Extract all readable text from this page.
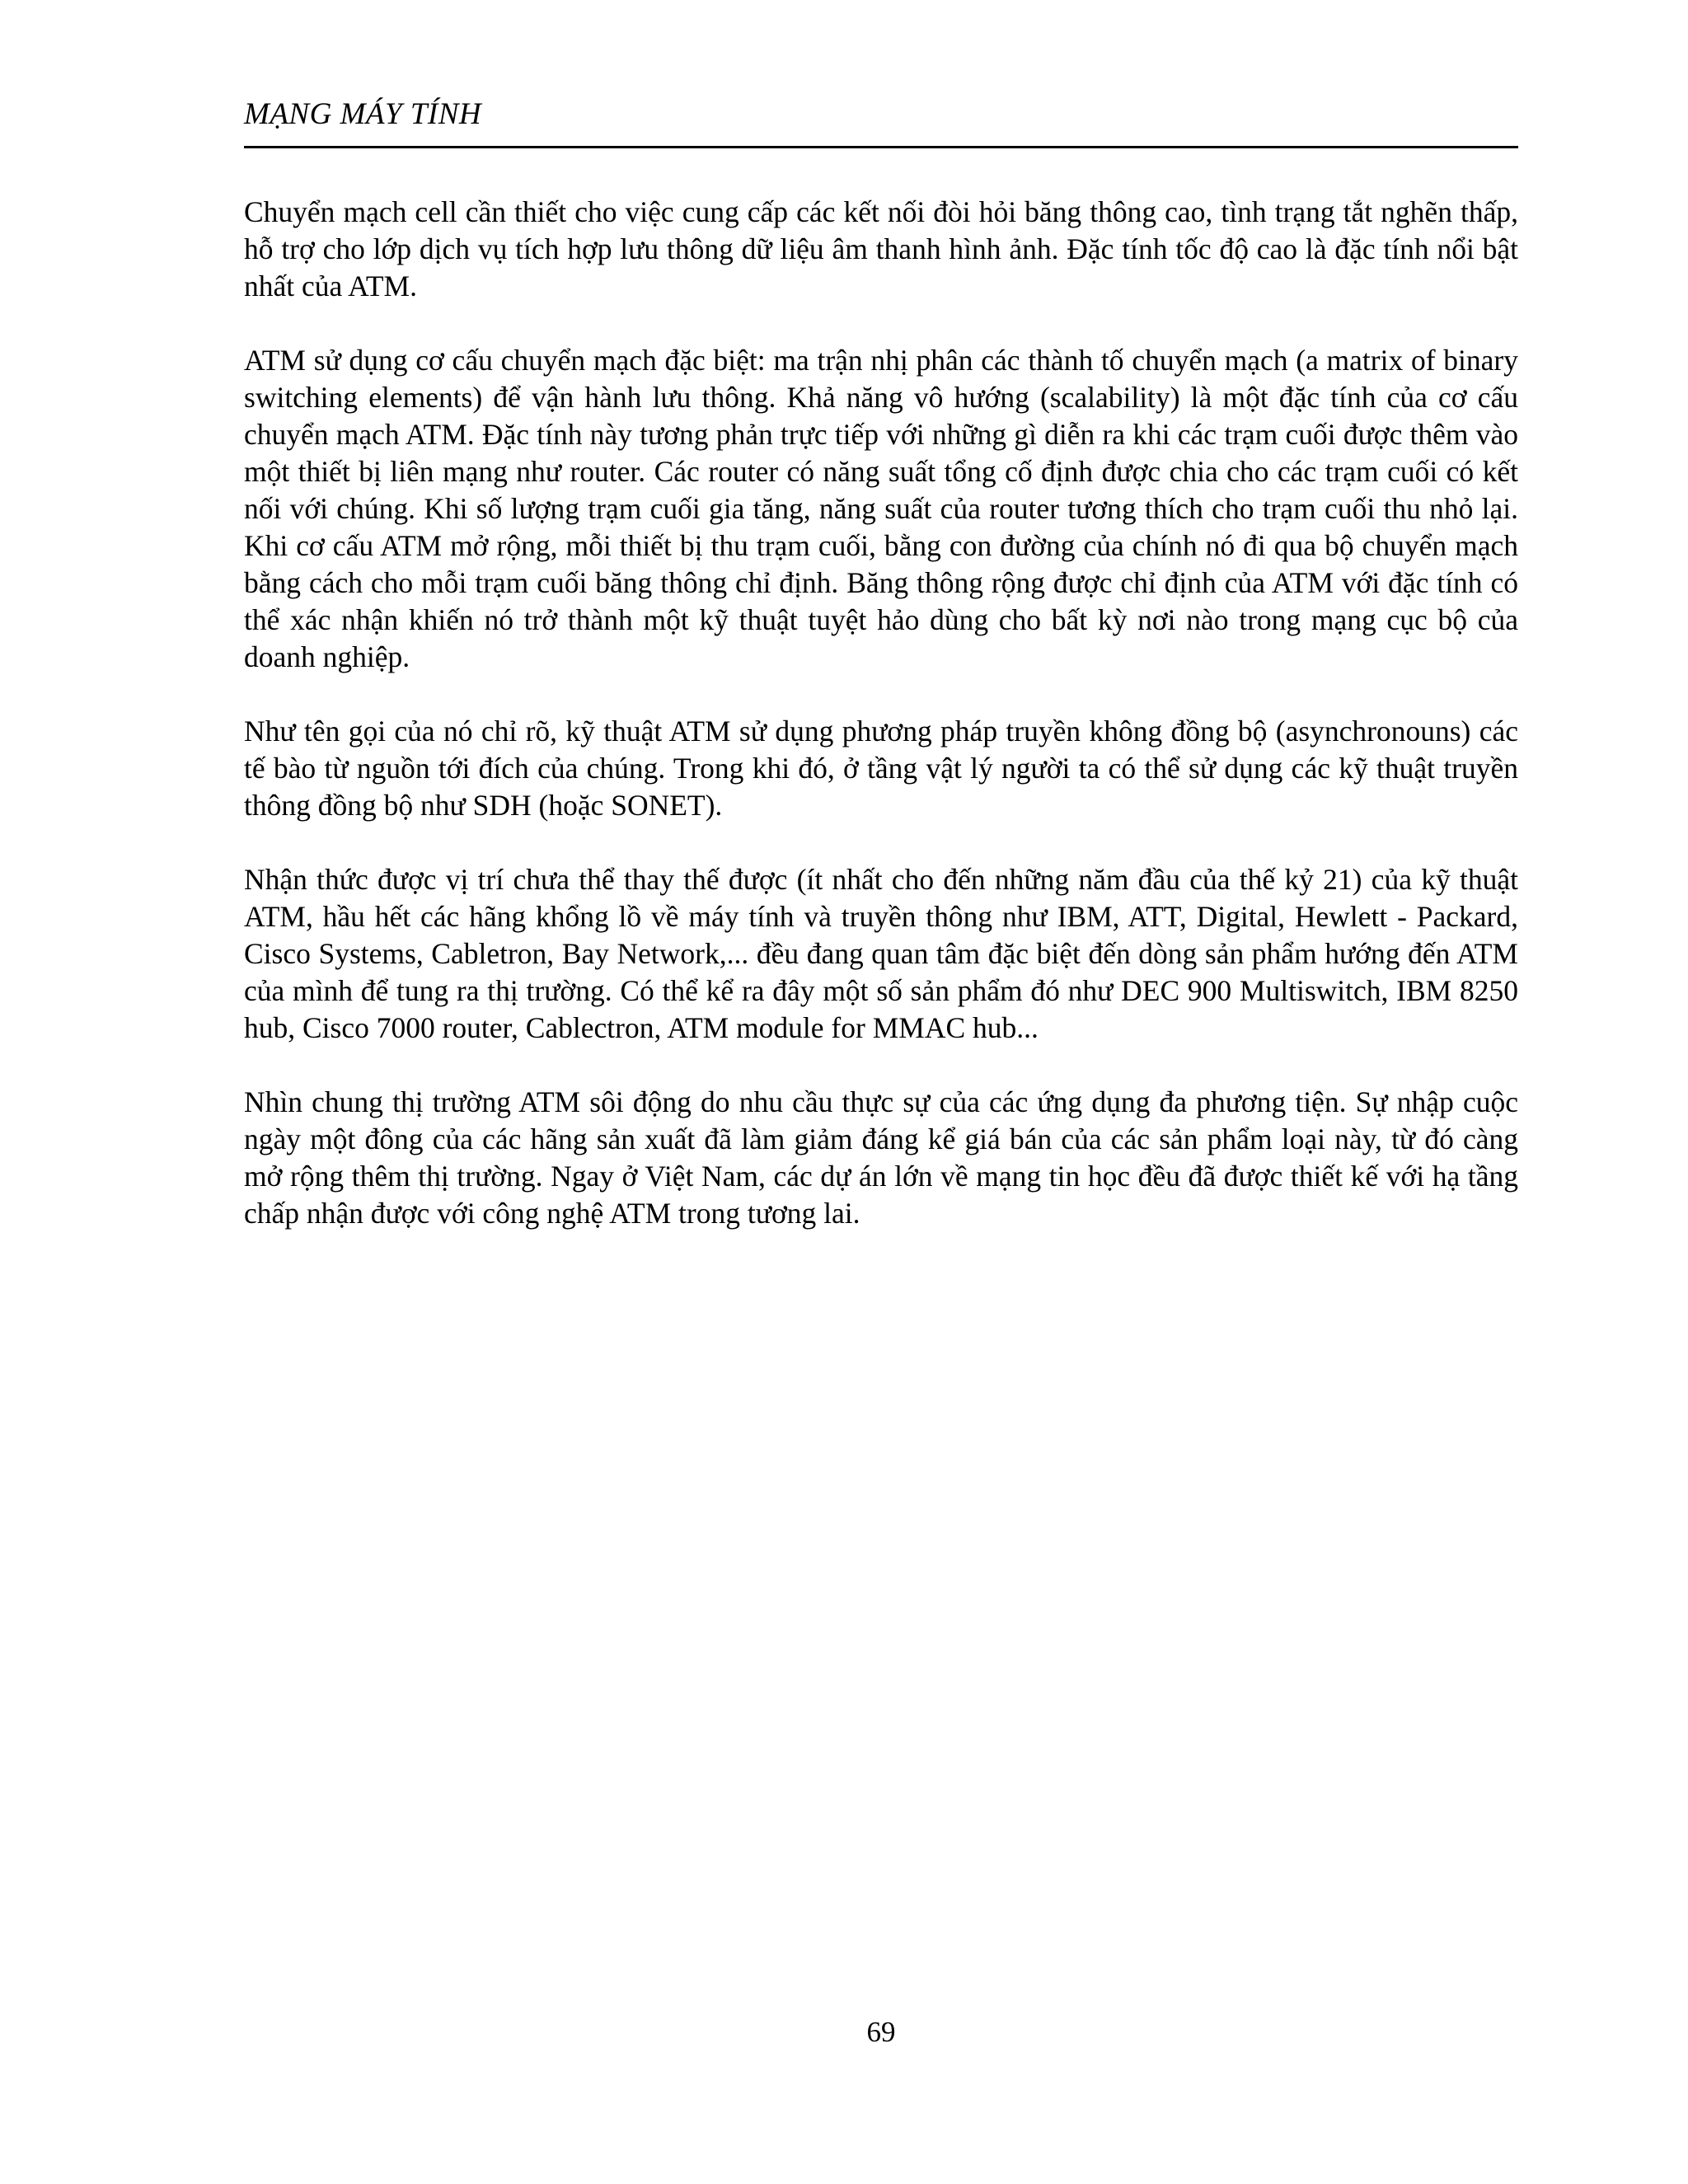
MẠNG MÁY TÍNH

Chuyển mạch cell cần thiết cho việc cung cấp các kết nối đòi hỏi băng thông cao, tình trạng tắt nghẽn thấp, hỗ trợ cho lớp dịch vụ tích hợp lưu thông dữ liệu âm thanh hình ảnh. Đặc tính tốc độ cao là đặc tính nổi bật nhất của ATM.

ATM sử dụng cơ cấu chuyển mạch đặc biệt: ma trận nhị phân các thành tố chuyển mạch (a matrix of binary switching elements) để vận hành lưu thông. Khả năng vô hướng (scalability) là một đặc tính của cơ cấu chuyển mạch ATM. Đặc tính này tương phản trực tiếp với những gì diễn ra khi các trạm cuối được thêm vào một thiết bị liên mạng như router. Các router có năng suất tổng cố định được chia cho các trạm cuối có kết nối với chúng. Khi số lượng trạm cuối gia tăng, năng suất của router tương thích cho trạm cuối thu nhỏ lại. Khi cơ cấu ATM mở rộng, mỗi thiết bị thu trạm cuối, bằng con đường của chính nó đi qua bộ chuyển mạch bằng cách cho mỗi trạm cuối băng thông chỉ định. Băng thông rộng được chỉ định của ATM với đặc tính có thể xác nhận khiến nó trở thành một kỹ thuật tuyệt hảo dùng cho bất kỳ nơi nào trong mạng cục bộ của doanh nghiệp.

Như tên gọi của nó chỉ rõ, kỹ thuật ATM sử dụng phương pháp truyền không đồng bộ (asynchronouns) các tế bào từ nguồn tới đích của chúng. Trong khi đó, ở tầng vật lý người ta có thể sử dụng các kỹ thuật truyền thông đồng bộ như SDH (hoặc SONET).

Nhận thức được vị trí chưa thể thay thế được (ít nhất cho đến những năm đầu của thế kỷ 21) của kỹ thuật ATM, hầu hết các hãng khổng lồ về máy tính và truyền thông như IBM, ATT, Digital, Hewlett - Packard, Cisco Systems, Cabletron, Bay Network,... đều đang quan tâm đặc biệt đến dòng sản phẩm hướng đến ATM của mình để tung ra thị trường. Có thể kể ra đây một số sản phẩm đó như DEC 900 Multiswitch, IBM 8250 hub, Cisco 7000 router, Cablectron, ATM module for MMAC hub...

Nhìn chung thị trường ATM sôi động do nhu cầu thực sự của các ứng dụng đa phương tiện. Sự nhập cuộc ngày một đông của các hãng sản xuất đã làm giảm đáng kể giá bán của các sản phẩm loại này, từ đó càng mở rộng thêm thị trường. Ngay ở Việt Nam, các dự án lớn về mạng tin học đều đã được thiết kế với hạ tầng chấp nhận được với công nghệ ATM trong tương lai.

69
